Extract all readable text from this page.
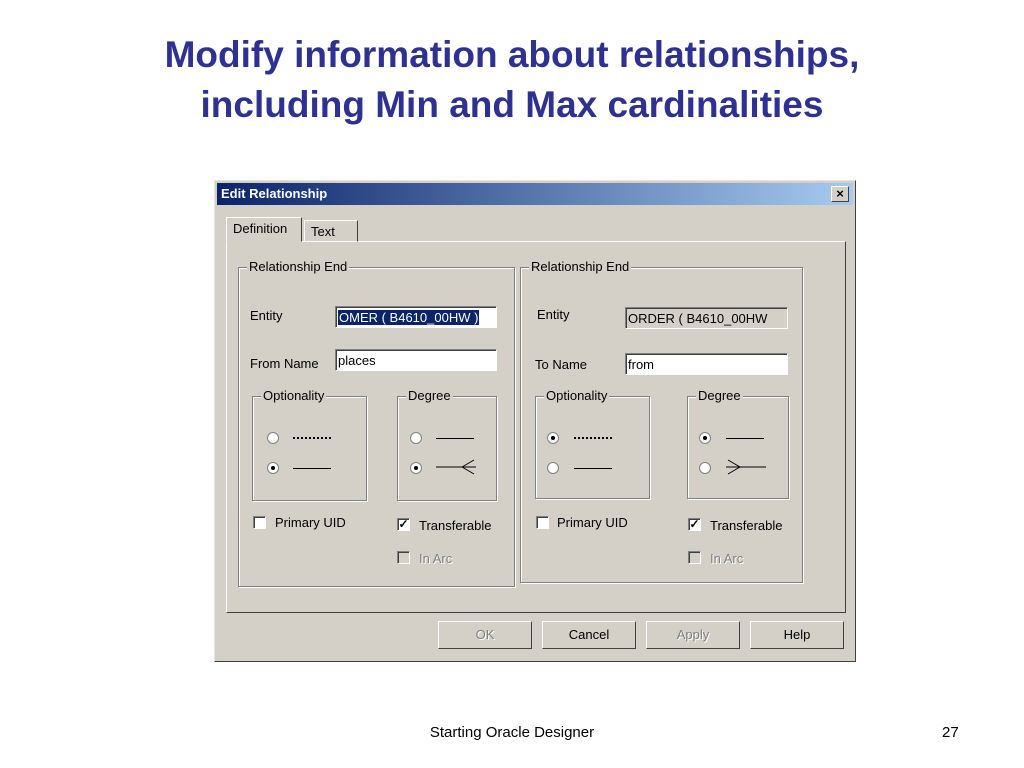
Modify information about relationships,
including Min and Max cardinalities
Edit Relationship	×
Definition	Text
Relationship End
Entity	OMER ( B4610_00HW )
From Name places
Optionality	Degree
Primary UID	✓ Transferable
In Arc
Relationship End
Entity	ORDER ( B4610_00HW
To Name	from
Optionality	Degree
Primary UID	✓ Transferable
In Arc
OK	Cancel	Apply	Help
Starting Oracle Designer	27
